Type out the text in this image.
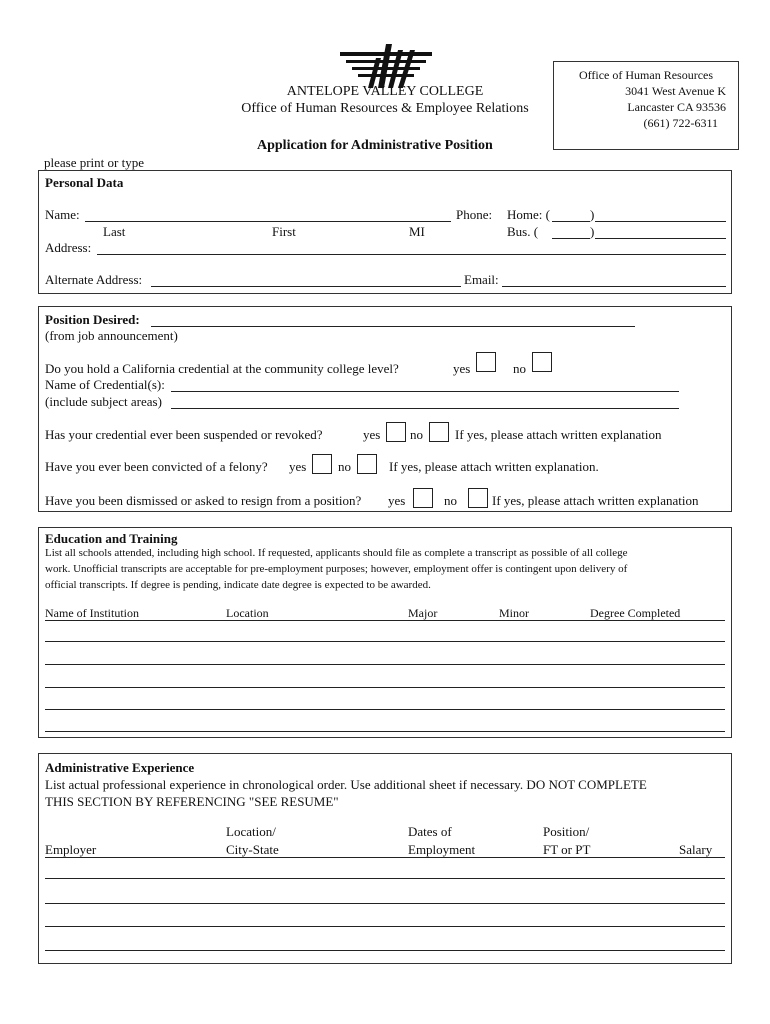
ANTELOPE VALLEY COLLEGE
Office of Human Resources & Employee Relations
Office of Human Resources
3041 West Avenue K
Lancaster CA 93536
(661) 722-6311
Application for Administrative Position
please print or type
Personal Data
Name:	Phone: Home: (	)
Last	First	MI	Bus. (	)
Address:
Alternate Address:	Email:
Position Desired:
(from job announcement)
Do you hold a California credential at the community college level?	yes	no
Name of Credential(s):
(include subject areas)
Has your credential ever been suspended or revoked?	yes no If yes, please attach written explanation
Have you ever been convicted of a felony? yes no	If yes, please attach written explanation.
Have you been dismissed or asked to resign from a position? yes	no	If yes, please attach written explanation
Education and Training
List all schools attended, including high school. If requested, applicants should file as complete a transcript as possible of all college
work. Unofficial transcripts are acceptable for pre-employment purposes; however, employment offer is contingent upon delivery of
official transcripts. If degree is pending, indicate date degree is expected to be awarded.
Name of Institution	Location	Major	Minor	Degree Completed
Administrative Experience
List actual professional experience in chronological order. Use additional sheet if necessary. DO NOT COMPLETE
THIS SECTION BY REFERENCING "SEE RESUME"
Location/	Dates of	Position/
Employer	City-State	Employment	FT or PT	Salary
